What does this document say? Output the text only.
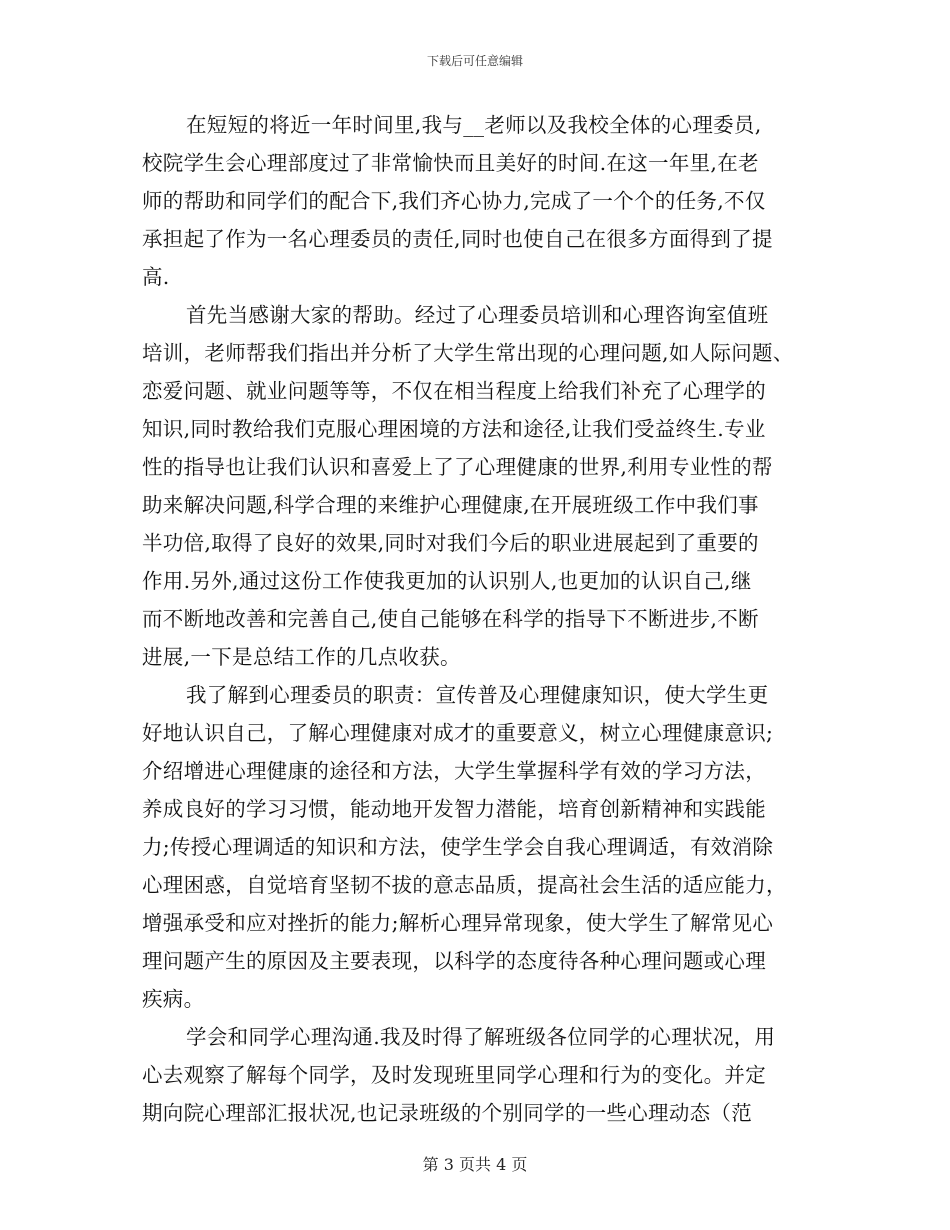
下载后可任意编辑
在短短的将近一年时间里,我与__老师以及我校全体的心理委员,
校院学生会心理部度过了非常愉快而且美好的时间.在这一年里,在老
师的帮助和同学们的配合下,我们齐心协力,完成了一个个的任务,不仅
承担起了作为一名心理委员的责任,同时也使自己在很多方面得到了提
高.
首先当感谢大家的帮助。经过了心理委员培训和心理咨询室值班
培训，老师帮我们指出并分析了大学生常出现的心理问题,如人际问题、
恋爱问题、就业问题等等，不仅在相当程度上给我们补充了心理学的
知识,同时教给我们克服心理困境的方法和途径,让我们受益终生.专业
性的指导也让我们认识和喜爱上了了心理健康的世界,利用专业性的帮
助来解决问题,科学合理的来维护心理健康,在开展班级工作中我们事
半功倍,取得了良好的效果,同时对我们今后的职业进展起到了重要的
作用.另外,通过这份工作使我更加的认识别人,也更加的认识自己,继
而不断地改善和完善自己,使自己能够在科学的指导下不断进步,不断
进展,一下是总结工作的几点收获。
我了解到心理委员的职责：宣传普及心理健康知识，使大学生更
好地认识自己，了解心理健康对成才的重要意义，树立心理健康意识;
介绍增进心理健康的途径和方法，大学生掌握科学有效的学习方法，
养成良好的学习习惯，能动地开发智力潜能，培育创新精神和实践能
力;传授心理调适的知识和方法，使学生学会自我心理调适，有效消除
心理困惑，自觉培育坚韧不拔的意志品质，提高社会生活的适应能力，
增强承受和应对挫折的能力;解析心理异常现象，使大学生了解常见心
理问题产生的原因及主要表现，以科学的态度待各种心理问题或心理
疾病。
学会和同学心理沟通.我及时得了解班级各位同学的心理状况，用
心去观察了解每个同学，及时发现班里同学心理和行为的变化。并定
期向院心理部汇报状况,也记录班级的个别同学的一些心理动态（范
第 3 页共 4 页
